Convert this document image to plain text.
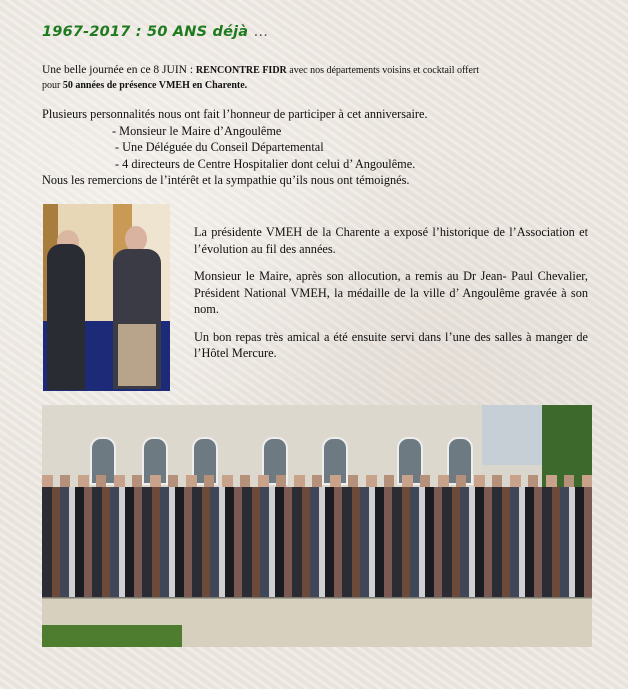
1967-2017 : 50 ANS déjà …
Une belle journée en ce 8 JUIN : RENCONTRE FIDR avec nos départements voisins et cocktail offert
pour 50 années de présence VMEH en Charente.
Plusieurs personnalités nous ont fait l’honneur de participer à cet anniversaire.
- Monsieur le Maire d’Angoulême
- Une Déléguée du Conseil Départemental
- 4 directeurs de Centre Hospitalier dont celui d’ Angoulême.
Nous les remercions de l’intérêt et la sympathie qu’ils nous ont témoignés.

La présidente VMEH de la Charente a exposé l’historique de l’Association et l’évolution au fil des années.

Monsieur le Maire, après son allocution, a remis au Dr Jean- Paul Chevalier, Président National VMEH, la médaille de la ville d’ Angoulême gravée à son nom.

Un bon repas très amical a été ensuite servi dans l’une des salles à manger de l’Hôtel Mercure.
